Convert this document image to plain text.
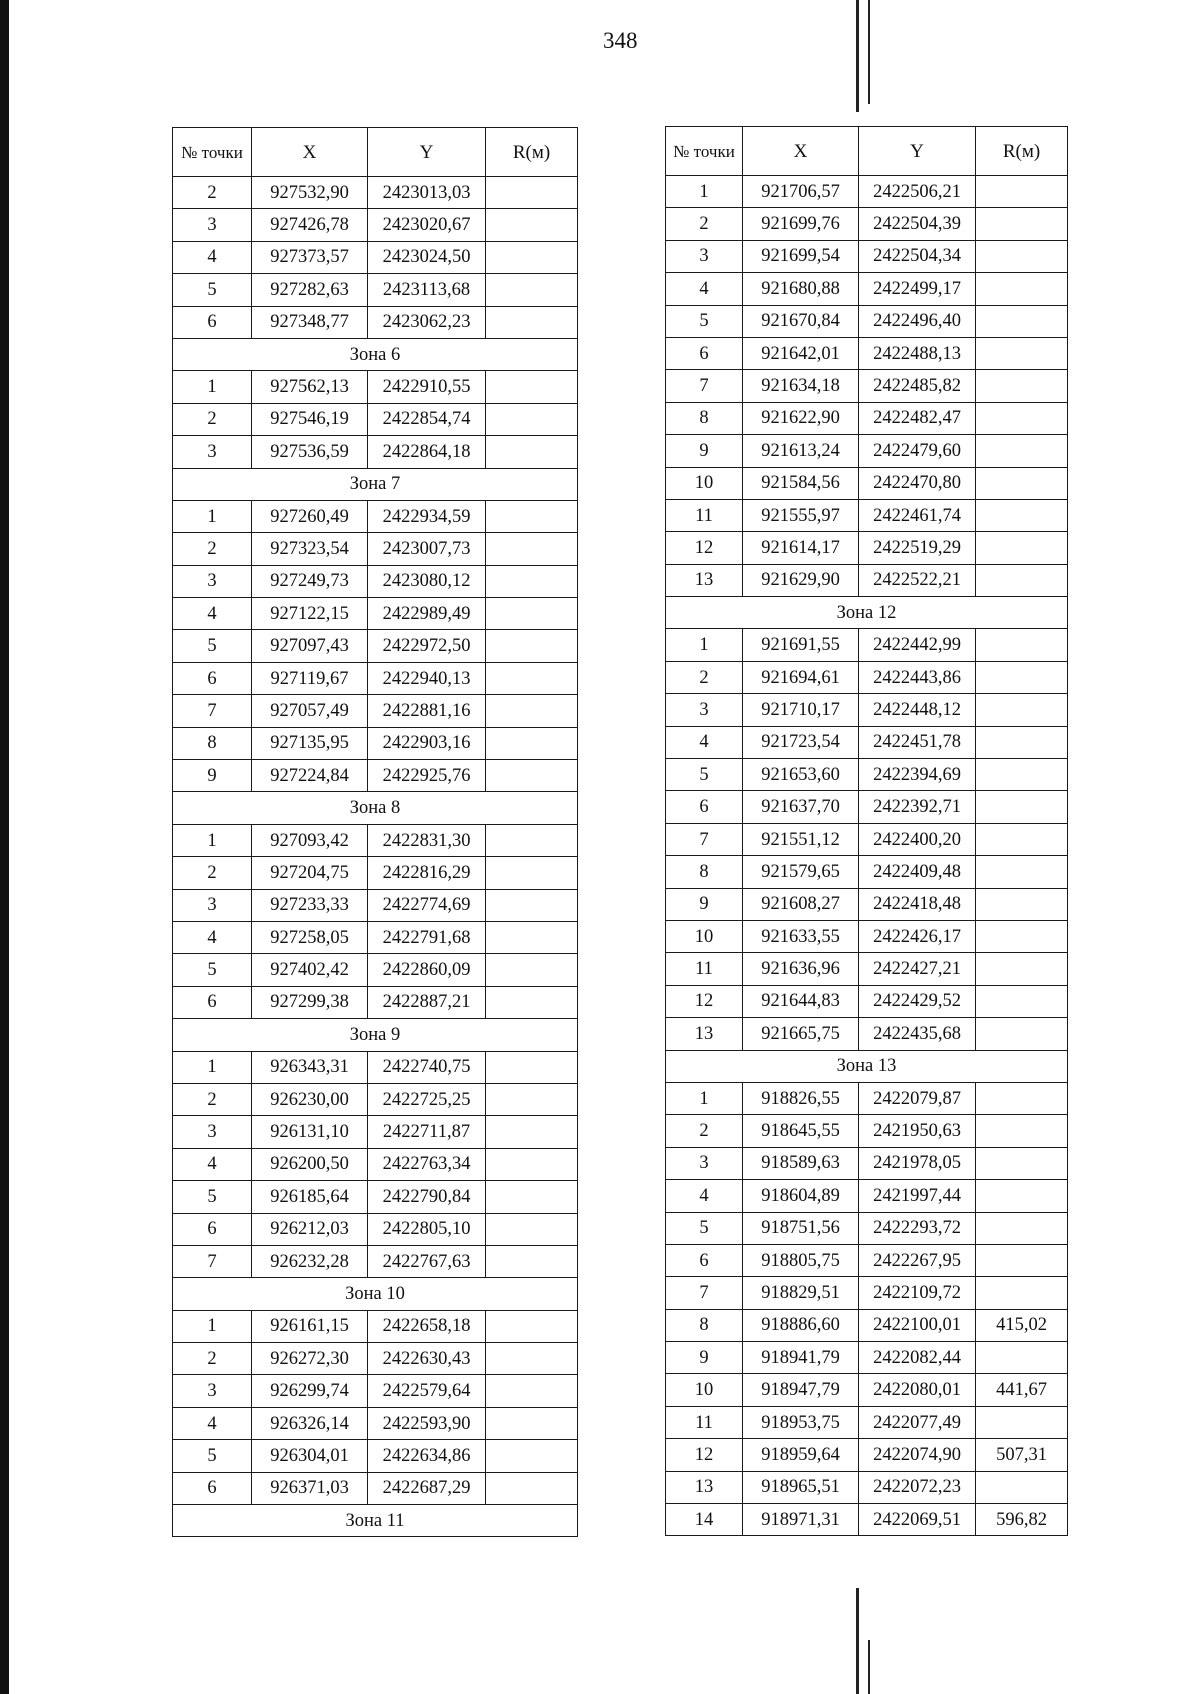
348
№ точки	X	Y	R(м)
2	927532,90	2423013,03	
3	927426,78	2423020,67	
4	927373,57	2423024,50	
5	927282,63	2423113,68	
6	927348,77	2423062,23	
Зона 6			
1	927562,13	2422910,55	
2	927546,19	2422854,74	
3	927536,59	2422864,18	
Зона 7			
1	927260,49	2422934,59	
2	927323,54	2423007,73	
3	927249,73	2423080,12	
4	927122,15	2422989,49	
5	927097,43	2422972,50	
6	927119,67	2422940,13	
7	927057,49	2422881,16	
8	927135,95	2422903,16	
9	927224,84	2422925,76	
Зона 8			
1	927093,42	2422831,30	
2	927204,75	2422816,29	
3	927233,33	2422774,69	
4	927258,05	2422791,68	
5	927402,42	2422860,09	
6	927299,38	2422887,21	
Зона 9			
1	926343,31	2422740,75	
2	926230,00	2422725,25	
3	926131,10	2422711,87	
4	926200,50	2422763,34	
5	926185,64	2422790,84	
6	926212,03	2422805,10	
7	926232,28	2422767,63	
Зона 10			
1	926161,15	2422658,18	
2	926272,30	2422630,43	
3	926299,74	2422579,64	
4	926326,14	2422593,90	
5	926304,01	2422634,86	
6	926371,03	2422687,29	
Зона 11			
№ точки	X	Y	R(м)
1	921706,57	2422506,21	
2	921699,76	2422504,39	
3	921699,54	2422504,34	
4	921680,88	2422499,17	
5	921670,84	2422496,40	
6	921642,01	2422488,13	
7	921634,18	2422485,82	
8	921622,90	2422482,47	
9	921613,24	2422479,60	
10	921584,56	2422470,80	
11	921555,97	2422461,74	
12	921614,17	2422519,29	
13	921629,90	2422522,21	
Зона 12			
1	921691,55	2422442,99	
2	921694,61	2422443,86	
3	921710,17	2422448,12	
4	921723,54	2422451,78	
5	921653,60	2422394,69	
6	921637,70	2422392,71	
7	921551,12	2422400,20	
8	921579,65	2422409,48	
9	921608,27	2422418,48	
10	921633,55	2422426,17	
11	921636,96	2422427,21	
12	921644,83	2422429,52	
13	921665,75	2422435,68	
Зона 13			
1	918826,55	2422079,87	
2	918645,55	2421950,63	
3	918589,63	2421978,05	
4	918604,89	2421997,44	
5	918751,56	2422293,72	
6	918805,75	2422267,95	
7	918829,51	2422109,72	
8	918886,60	2422100,01	415,02
9	918941,79	2422082,44	
10	918947,79	2422080,01	441,67
11	918953,75	2422077,49	
12	918959,64	2422074,90	507,31
13	918965,51	2422072,23	
14	918971,31	2422069,51	596,82
